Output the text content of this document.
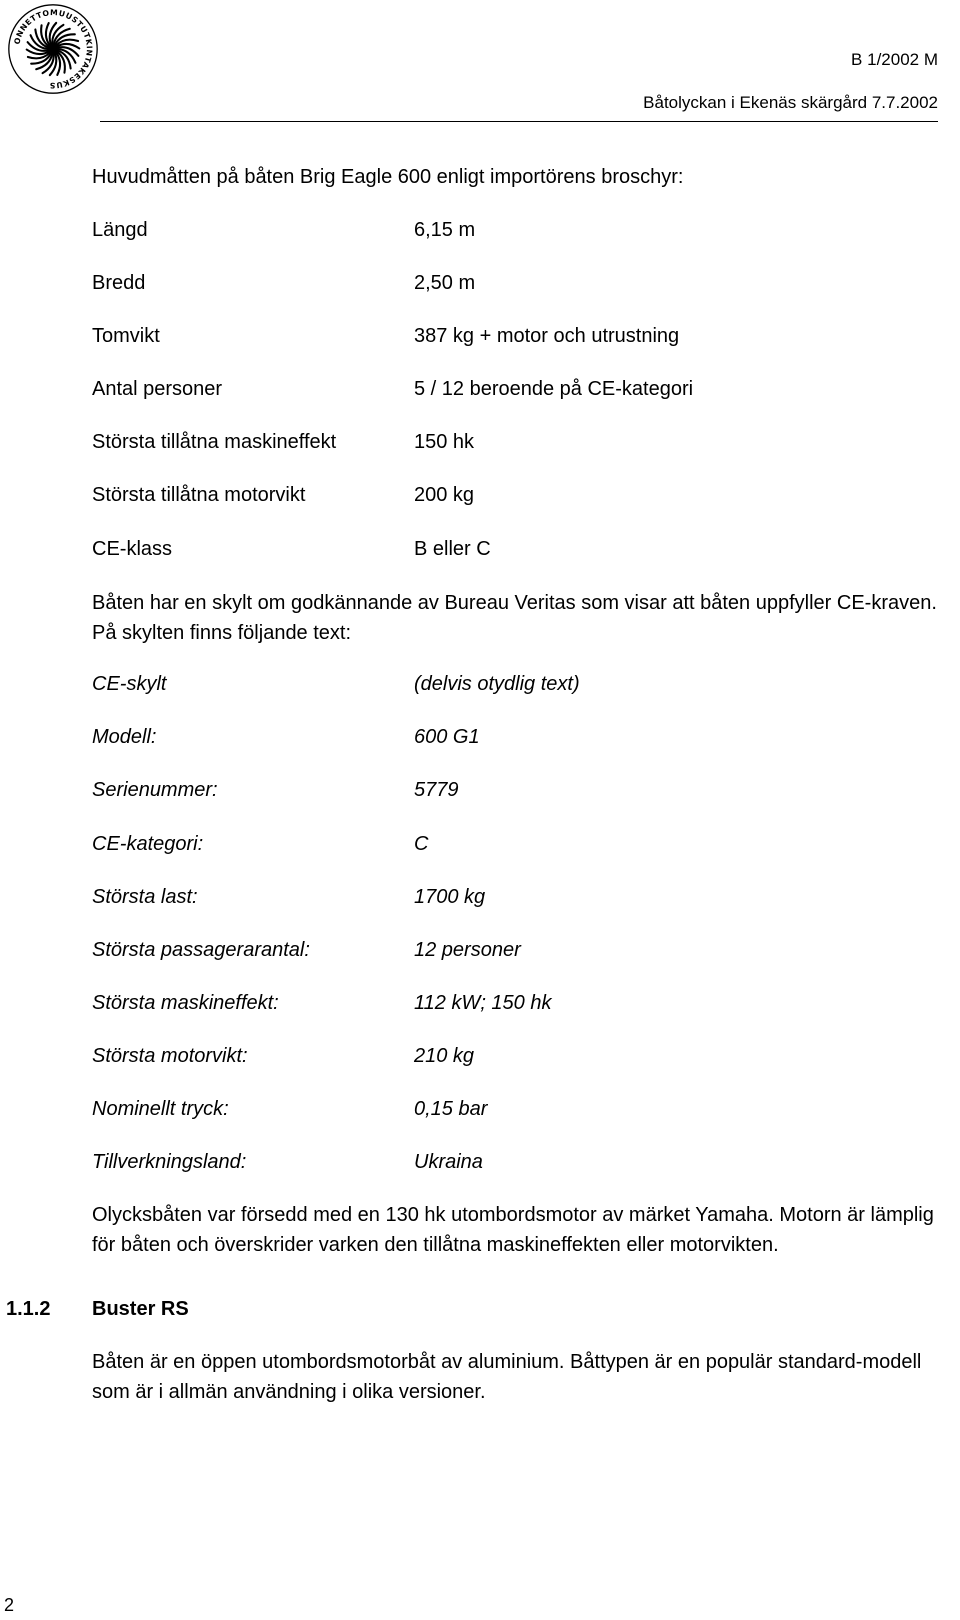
ONNETTOMUUSTUTKINTAKESKUS
B 1/2002 M
Båtolyckan i Ekenäs skärgård 7.7.2002
Huvudmåtten på båten Brig Eagle 600 enligt importörens broschyr:
Längd	6,15 m
Bredd	2,50 m
Tomvikt	387 kg + motor och utrustning
Antal personer	5 / 12 beroende på CE-kategori
Största tillåtna maskineffekt	150 hk
Största tillåtna motorvikt	200 kg
CE-klass	B eller C
Båten har en skylt om godkännande av Bureau Veritas som visar att båten uppfyller CE-kraven. På skylten finns följande text:
CE-skylt	(delvis otydlig text)
Modell:	600 G1
Serienummer:	5779
CE-kategori:	C
Största last:	1700 kg
Största passagerarantal:	12 personer
Största maskineffekt:	112 kW; 150 hk
Största motorvikt:	210 kg
Nominellt tryck:	0,15 bar
Tillverkningsland:	Ukraina
Olycksbåten var försedd med en 130 hk utombordsmotor av märket Yamaha. Motorn är lämplig för båten och överskrider varken den tillåtna maskineffekten eller motorvikten.
1.1.2 Buster RS
Båten är en öppen utombordsmotorbåt av aluminium. Båttypen är en populär standard-modell som är i allmän användning i olika versioner.
2
